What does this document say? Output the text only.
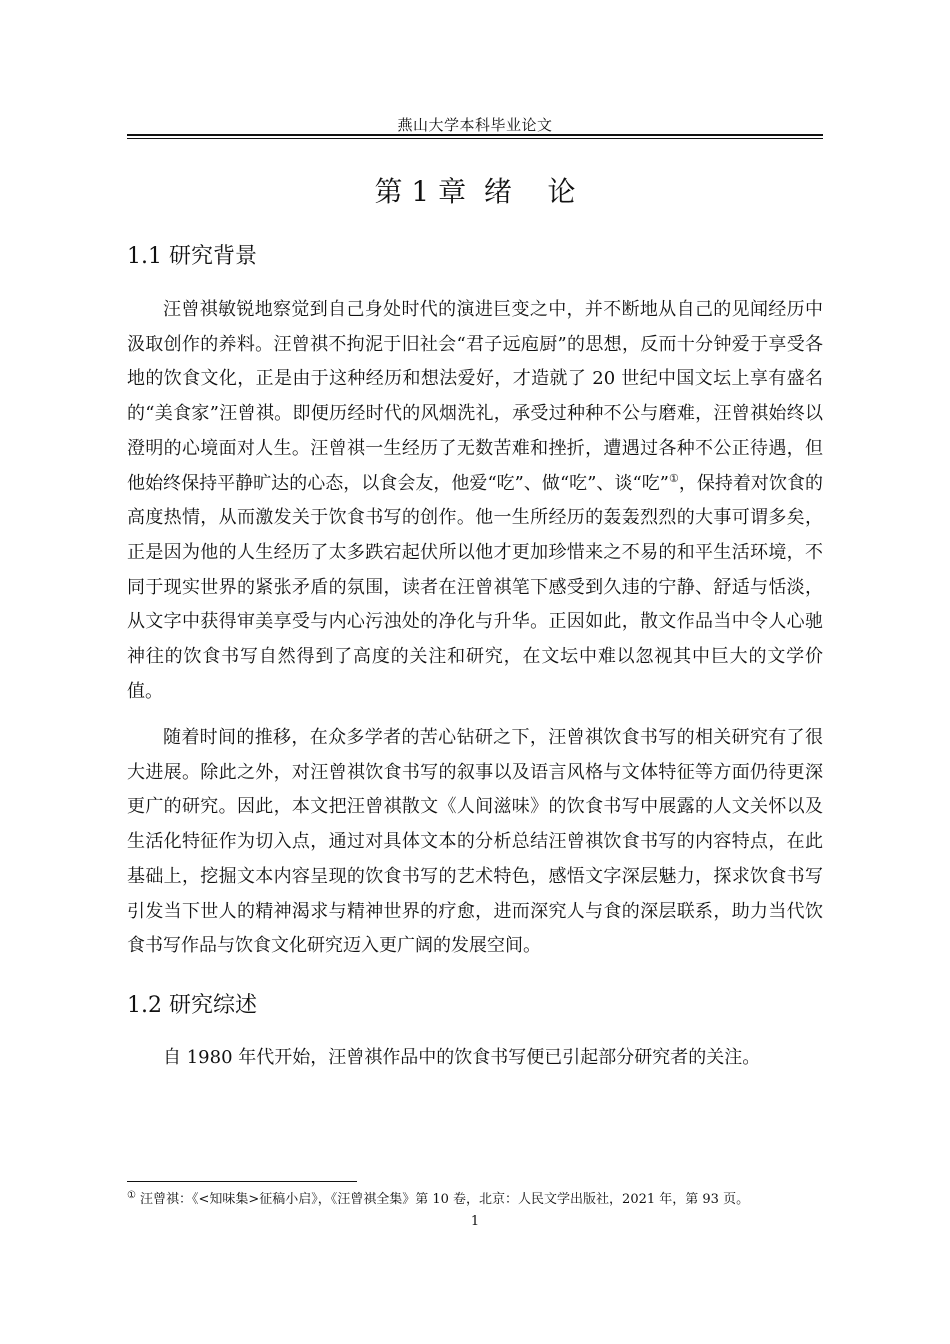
燕山大学本科毕业论文
第 1 章  绪    论
1.1 研究背景

汪曾祺敏锐地察觉到自己身处时代的演进巨变之中，并不断地从自己的见闻经历中汲取创作的养料。汪曾祺不拘泥于旧社会“君子远庖厨”的思想，反而十分钟爱于享受各地的饮食文化，正是由于这种经历和想法爱好，才造就了 20 世纪中国文坛上享有盛名的“美食家”汪曾祺。即便历经时代的风烟洗礼，承受过种种不公与磨难，汪曾祺始终以澄明的心境面对人生。汪曾祺一生经历了无数苦难和挫折，遭遇过各种不公正待遇，但他始终保持平静旷达的心态，以食会友，他爱“吃”、做“吃”、谈“吃”①，保持着对饮食的高度热情，从而激发关于饮食书写的创作。他一生所经历的轰轰烈烈的大事可谓多矣，正是因为他的人生经历了太多跌宕起伏所以他才更加珍惜来之不易的和平生活环境，不同于现实世界的紧张矛盾的氛围，读者在汪曾祺笔下感受到久违的宁静、舒适与恬淡，从文字中获得审美享受与内心污浊处的净化与升华。正因如此，散文作品当中令人心驰神往的饮食书写自然得到了高度的关注和研究，在文坛中难以忽视其中巨大的文学价值。

随着时间的推移，在众多学者的苦心钻研之下，汪曾祺饮食书写的相关研究有了很大进展。除此之外，对汪曾祺饮食书写的叙事以及语言风格与文体特征等方面仍待更深更广的研究。因此，本文把汪曾祺散文《人间滋味》的饮食书写中展露的人文关怀以及生活化特征作为切入点，通过对具体文本的分析总结汪曾祺饮食书写的内容特点，在此基础上，挖掘文本内容呈现的饮食书写的艺术特色，感悟文字深层魅力，探求饮食书写引发当下世人的精神渴求与精神世界的疗愈，进而深究人与食的深层联系，助力当代饮食书写作品与饮食文化研究迈入更广阔的发展空间。

1.2 研究综述

自 1980 年代开始，汪曾祺作品中的饮食书写便已引起部分研究者的关注。

① 汪曾祺：《<知味集>征稿小启》，《汪曾祺全集》第 10 卷，北京：人民文学出版社，2021 年，第 93 页。
1
